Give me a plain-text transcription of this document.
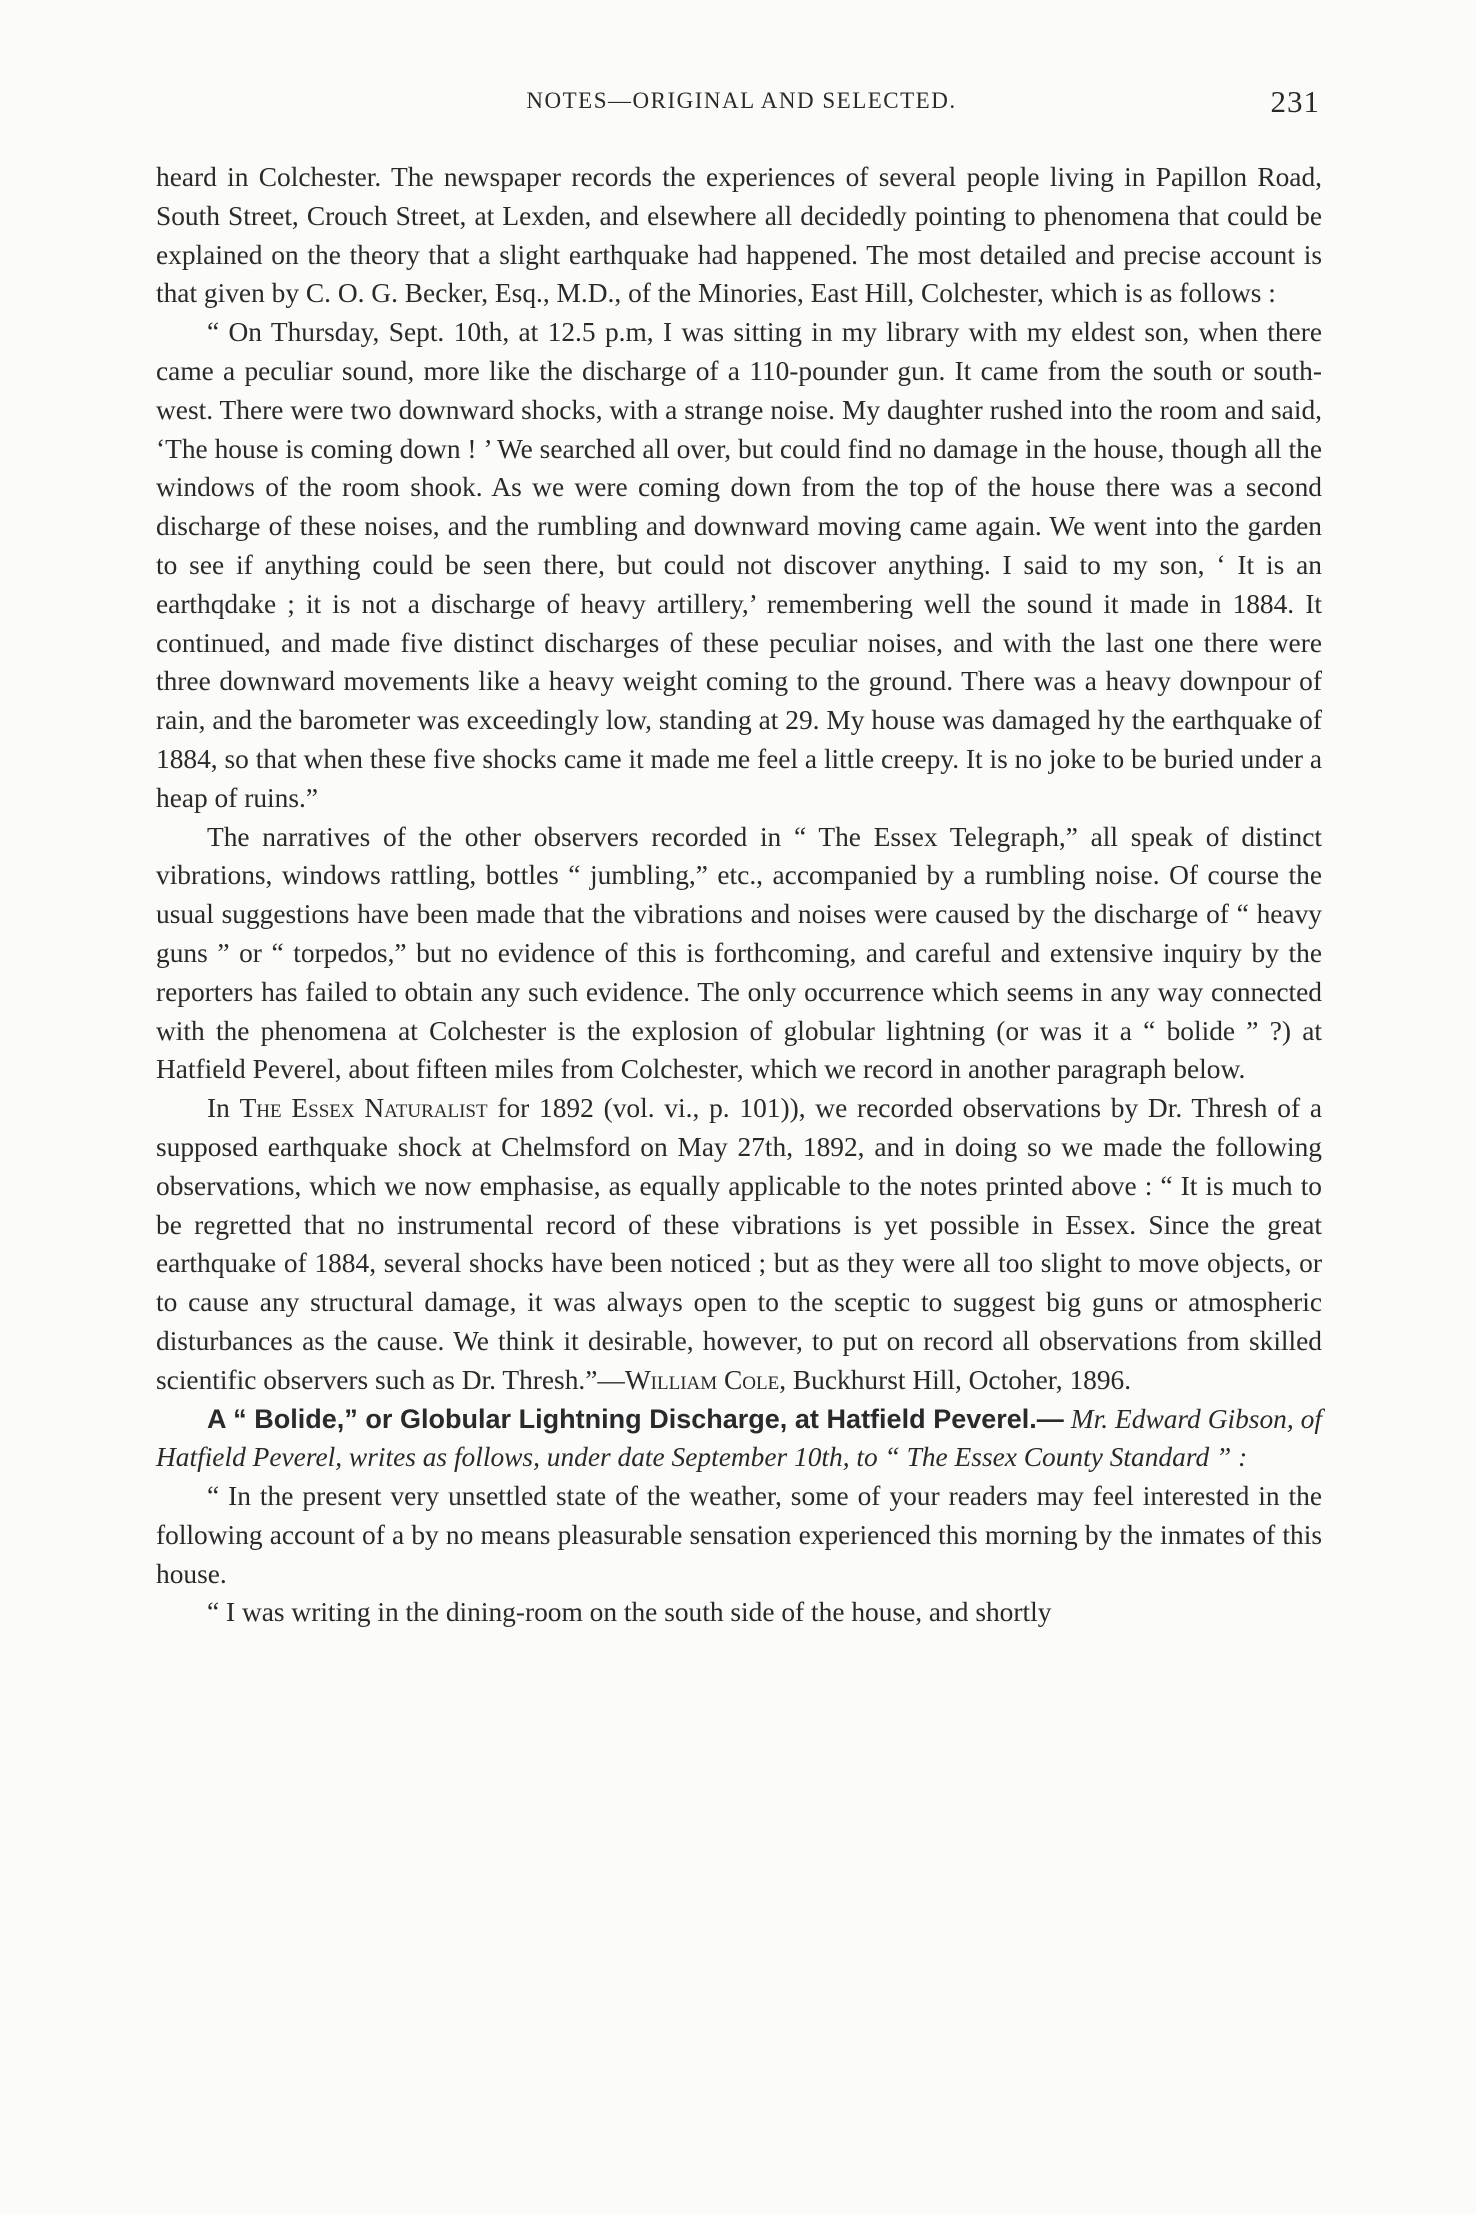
NOTES—ORIGINAL AND SELECTED.	231

heard in Colchester. The newspaper records the experiences of several people living in Papillon Road, South Street, Crouch Street, at Lexden, and elsewhere all decidedly pointing to phenomena that could be explained on the theory that a slight earthquake had happened. The most detailed and precise account is that given by C. O. G. Becker, Esq., M.D., of the Minories, East Hill, Colchester, which is as follows :

“ On Thursday, Sept. 10th, at 12.5 p.m, I was sitting in my library with my eldest son, when there came a peculiar sound, more like the discharge of a 110-pounder gun. It came from the south or south-west. There were two downward shocks, with a strange noise. My daughter rushed into the room and said, ‘The house is coming down ! ’ We searched all over, but could find no damage in the house, though all the windows of the room shook. As we were coming down from the top of the house there was a second discharge of these noises, and the rumbling and downward moving came again. We went into the garden to see if anything could be seen there, but could not discover anything. I said to my son, ‘ It is an earthqdake ; it is not a discharge of heavy artillery,’ remembering well the sound it made in 1884. It continued, and made five distinct discharges of these peculiar noises, and with the last one there were three downward movements like a heavy weight coming to the ground. There was a heavy downpour of rain, and the barometer was exceedingly low, standing at 29. My house was damaged hy the earthquake of 1884, so that when these five shocks came it made me feel a little creepy. It is no joke to be buried under a heap of ruins.”

The narratives of the other observers recorded in “ The Essex Telegraph,” all speak of distinct vibrations, windows rattling, bottles “ jumbling,” etc., accompanied by a rumbling noise. Of course the usual suggestions have been made that the vibrations and noises were caused by the discharge of “ heavy guns ” or “ torpedos,” but no evidence of this is forthcoming, and careful and extensive inquiry by the reporters has failed to obtain any such evidence. The only occurrence which seems in any way connected with the phenomena at Colchester is the explosion of globular lightning (or was it a “ bolide ” ?) at Hatfield Peverel, about fifteen miles from Colchester, which we record in another paragraph below.

In The Essex Naturalist for 1892 (vol. vi., p. 101)), we recorded observations by Dr. Thresh of a supposed earthquake shock at Chelmsford on May 27th, 1892, and in doing so we made the following observations, which we now emphasise, as equally applicable to the notes printed above : “ It is much to be regretted that no instrumental record of these vibrations is yet possible in Essex. Since the great earthquake of 1884, several shocks have been noticed ; but as they were all too slight to move objects, or to cause any structural damage, it was always open to the sceptic to suggest big guns or atmospheric disturbances as the cause. We think it desirable, however, to put on record all observations from skilled scientific observers such as Dr. Thresh.”—William Cole, Buckhurst Hill, Octoher, 1896.

A “ Bolide,” or Globular Lightning Discharge, at Hatfield Peverel.— Mr. Edward Gibson, of Hatfield Peverel, writes as follows, under date September 10th, to “ The Essex County Standard ” :

“ In the present very unsettled state of the weather, some of your readers may feel interested in the following account of a by no means pleasurable sensation experienced this morning by the inmates of this house.

“ I was writing in the dining-room on the south side of the house, and shortly
